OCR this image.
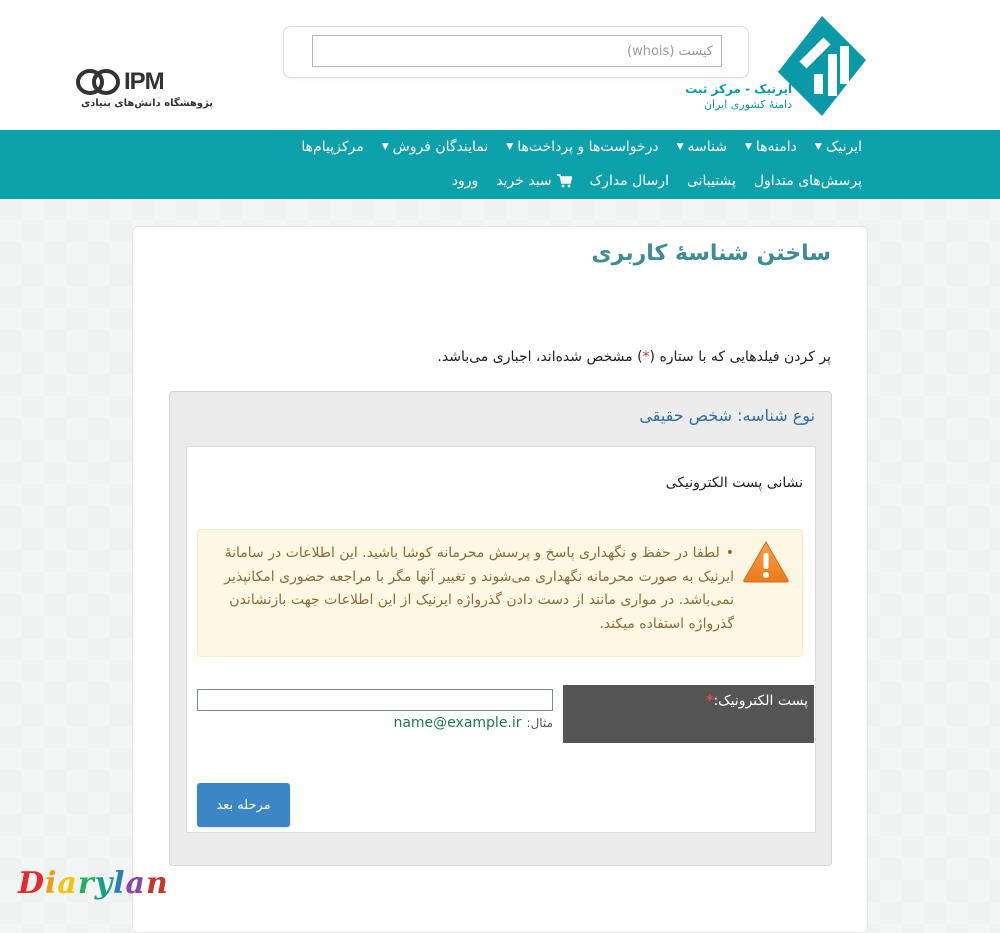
ایرنیک - مرکز ثبت
دامنهٔ کشوری ایران
کیست (whois)
IPM
پژوهشگاه دانش‌های بنیادی
ایرنیک
▼
دامنه‌ها
▼
شناسه
▼
درخواست‌ها و پرداخت‌ها
▼
نمایندگان فروش
▼
مرکزپیام‌ها
پرسش‌های متداول
پشتیبانی
ارسال مدارک
سبد خرید
ورود
ساختن شناسهٔ کاربری

پر کردن فیلدهایی که با ستاره (*) مشخص شده‌اند، اجباری می‌باشد.

نوع شناسه: شخص حقیقی
نشانی پست الکترونیکی

•لطفا در حفظ و نگهداری پاسخ و پرسش محرمانه کوشا باشید. این اطلاعات در سامانهٔ ایرنیک به صورت محرمانه نگهداری می‌شوند و تغییر آنها مگر با مراجعه حضوری امکانپذیر نمی‌باشد. در مواری مانند از دست دادن گذرواژه ایرنیک از این اطلاعات جهت بازنشاندن گذرواژه استفاده میکند.

پست الکترونیک:*
مثال:
name@example.ir
مرحله بعد
Diarylan
